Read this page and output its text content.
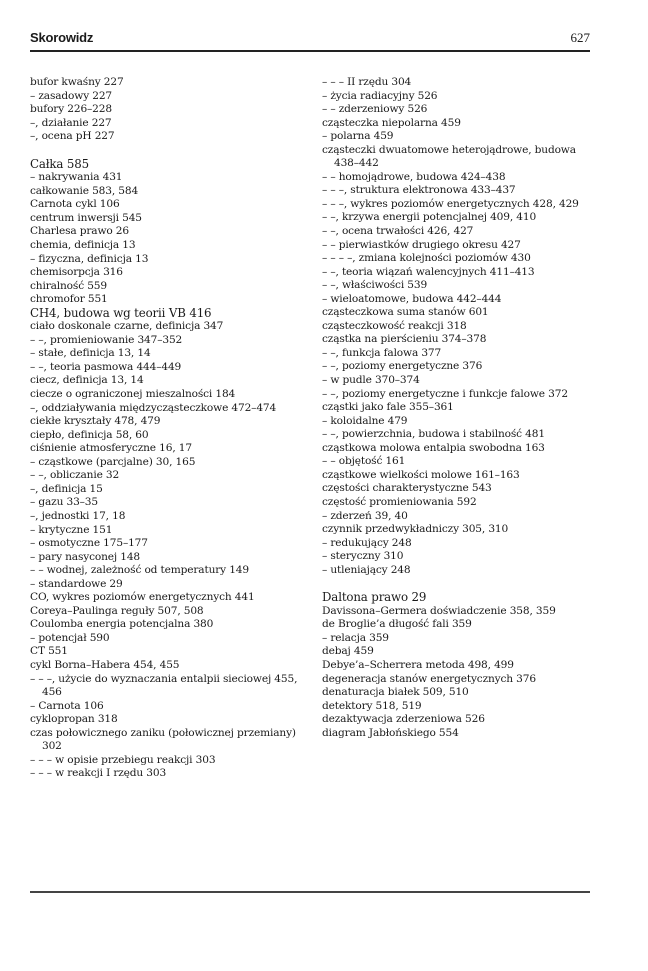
Skorowidz	627
bufor kwaśny 227
– zasadowy 227
bufory 226–228
–, działanie 227
–, ocena pH 227
Całka 585
– nakrywania 431
całkowanie 583, 584
Carnota cykl 106
centrum inwersji 545
Charlesa prawo 26
chemia, definicja 13
– fizyczna, definicja 13
chemisorpcja 316
chiralność 559
chromofor 551
CH4, budowa wg teorii VB 416
ciało doskonale czarne, definicja 347
– –, promieniowanie 347–352
– stałe, definicja 13, 14
– –, teoria pasmowa 444–449
ciecz, definicja 13, 14
ciecze o ograniczonej mieszalności 184
–, oddziaływania międzycząsteczkowe 472–474
ciekłe kryształy 478, 479
ciepło, definicja 58, 60
ciśnienie atmosferyczne 16, 17
– cząstkowe (parcjalne) 30, 165
– –, obliczanie 32
–, definicja 15
– gazu 33–35
–, jednostki 17, 18
– krytyczne 151
– osmotyczne 175–177
– pary nasyconej 148
– – wodnej, zależność od temperatury 149
– standardowe 29
CO, wykres poziomów energetycznych 441
Coreya–Paulinga reguły 507, 508
Coulomba energia potencjalna 380
– potencjał 590
CT 551
cykl Borna–Habera 454, 455
– – –, użycie do wyznaczania entalpii sieciowej 455, 456
– Carnota 106
cyklopropan 318
czas połowicznego zaniku (połowicznej przemiany) 302
– – – w opisie przebiegu reakcji 303
– – – w reakcji I rzędu 303
– – – II rzędu 304
– życia radiacyjny 526
– – zderzeniowy 526
cząsteczka niepolarna 459
– polarna 459
cząsteczki dwuatomowe heterojądrowe, budowa 438–442
– – homojądrowe, budowa 424–438
– – –, struktura elektronowa 433–437
– – –, wykres poziomów energetycznych 428, 429
– –, krzywa energii potencjalnej 409, 410
– –, ocena trwałości 426, 427
– – pierwiastków drugiego okresu 427
– – – –, zmiana kolejności poziomów 430
– –, teoria wiązań walencyjnych 411–413
– –, właściwości 539
– wieloatomowe, budowa 442–444
cząsteczkowa suma stanów 601
cząsteczkowość reakcji 318
cząstka na pierścieniu 374–378
– –, funkcja falowa 377
– –, poziomy energetyczne 376
– w pudle 370–374
– –, poziomy energetyczne i funkcje falowe 372
cząstki jako fale 355–361
– koloidalne 479
– –, powierzchnia, budowa i stabilność 481
cząstkowa molowa entalpia swobodna 163
– – objętość 161
cząstkowe wielkości molowe 161–163
częstości charakterystyczne 543
częstość promieniowania 592
– zderzeń 39, 40
czynnik przedwykładniczy 305, 310
– redukujący 248
– steryczny 310
– utleniający 248
Daltona prawo 29
Davissona–Germera doświadczenie 358, 359
de Broglie’a długość fali 359
– relacja 359
debaj 459
Debye’a–Scherrera metoda 498, 499
degeneracja stanów energetycznych 376
denaturacja białek 509, 510
detektory 518, 519
dezaktywacja zderzeniowa 526
diagram Jabłońskiego 554
